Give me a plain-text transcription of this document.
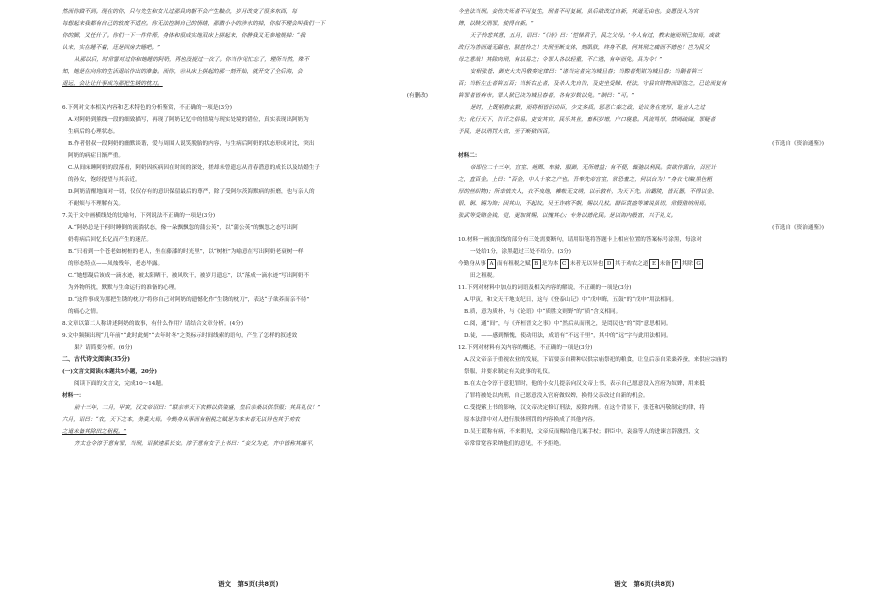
然而你做不到。现在的你，只与先生和女儿过那具肉躯不会产生触点，岁月改变了很多东西，每
每想起来我都有自己的软度不适应。你无法控制自己的情绪，那微小小的涉水的掉，你似不理会叫我们一下
你的脚，又任什了。你们一下一件件帮，身体和很成实地双床上拼起来，你静我又无参地规掉：“我
认来，实在睡不着，还是回房去睡吧。”
从那以后，时常譬对过你和她睡的阿奶，再也没提过一次了。你当作见忙忘了，理所当然，殊不
知，她是在向你的生活退站作出的准备。而你，⑩从床上拼起的那一刻开始，就开交了全后海，会
退远，会让让什事成为那把生锈的枕刀。
(有删改)
6.下列对文本相关内容和艺术特色的分析鉴赏，不正确的一项是(3分)
A.对阿奶到熊线一段的细致描写，再现了阿奶记忆中的情境与现实处境的错位，真实表现出阿奶为
生病后的心理状态。
B.作者借叔一段阿奶的幽默谈谐，爱与周围人说笑脱胎的内容，与生病后阿奶的状态形成对比，突出
阿奶的病症日渐严重。
C.从间床睡阿奶的段落看，阿奶因疾病因在时间的深处，搓却未曾遗忘从青春潜意的成长以及结婚生子
的孙女，饱经提望与其亲近。
D.阿奶清醒地面对一切，仅仅存有的意识保留最后的尊严，除了受阿尔茨海默病的折磨，也与亲人的
不耐烦与不理解有关。
7.关于文中画横线处的比喻句，下列说法不正确的一项是(3分)
A.“阿奶总是于何时睡倒的流淌状态，像一朵飘飘忽的蒲公英”，以“蒲公英”的飘忽之态写出阿
奶将病后回忆长亿而产生的迷茫。
B.“只看到一个苍老如树桩的老人，坐在藤漆的时光里”，以“树桩”为喻意在写出阿奶老衰树一样
的形态特点——凤烛残年，老态毕露。
C.“她想凝后该成一滴水迹，被太阳晒干，被风吹干，被岁月遗忘”，以“落成一滴水迹”写出阿奶不
为外物所扰，默默与生命运行的准备的心理。
D.“这件事成为那把生锈的枕刀”将你自己对阿奶的遗憾化作“生锈的枕刀”，表达“子欲养而亲不待”
的痛心之情。
8.文章以第二人称讲述阿奶的故事，有什么作用？请结合文章分析。(4分)
9.文中频频出现“几年前”“此时此刻”“去年时冬”之类标示时间线索的语句，产生了怎样的叙述效
果？请简要分析。(6分)
二、古代诗文阅读(35分)
(一)文言文阅读(本题共5小题，20分)
阅读下面的文言文，完成10～14题。
材料一：
前十三年，二月，甲寅，汉文帝诏曰：“联亲率天下农耕以供粢盛，皇后亲桑以供祭服；其具礼仪！”
六月，诏曰：“农，天下之本，务莫大焉。今勤身从事而有租税之赋是为本末者无以异也其于劝农
之道未备其除田之租税。”
齐太仓令淳于意有罪，当刑，诏狱速系长安。淳于意有女子上书曰：“妾父为吏，齐中皆称其廉平，
今坐法当刑。妾伤夫死者不可复生，刑者不可复属，虽后欲改过自新，其道无由也。妾愿没入为官
婢，以赎父刑罪，使得自新。”
天子怜悲其意，五月，诏曰：“《诗》曰：‘恺悌君子，民之父母。’今人有过，教未施而刑已加焉，或欲
改行为善而道无繇也，朕甚怜之！夫刑至断支体，刻肌肤，终身不息，何其刑之痛而不德也！岂为民父
母之意哉！其除肉刑，有以易之；令罪人各以轻重，不亡逃，有年而免。具为令！”
安相张苍、御史大夫冯敬奏定律曰：“诸当完者完为城旦舂；当黥者髡钳为城旦舂；当劓者笞三
百；当斩左止者笞五百；当斩右止者，及杀人先自告，及吏坐受赇、枉法，守县官财物而即盗之，已论而复有
笞罪者皆弃市。罪人狱已决为城旦舂者，各有岁数以免。”制曰：“可。”
是时，上既躬修玄默，而将相皆旧功臣，少文多质。惩恶亡秦之政，论议务在宽厚，耻言人之过
失；化行天下，告讦之俗易。吏安其官，民乐其业，畜积岁增，户口寝息。风流笃厚，禁罔疏阔，罪疑者
予民，是以刑罚大省，至于断狱四百。
(节选自《资治通鉴》)
材料二：
帝即位二十三年，宫室、苑囿、车骑、服御，无所增益；有不便，辄弛以利民。尝欲作露台，召匠计
之，直百金。上曰：“百金，中人十家之产也。吾奉先帝宫室，常恐羞之，何以台为！”身衣弋绨(黑色粗
厚的丝织物)；所幸慎夫人，衣不曳地，帷帐无文绣，以示敦朴，为天下先。治霸陵，皆瓦器，不得以金、
银、铜、锡为饰；因其山，不起坟。吴王诈病不朝，赐以几杖。群臣袁盎等谏说虽切，常假借纳用焉。
张武等受赂金钱，觉，更加赏赐，以愧其心；专务以德化民。是以海内殷富，兴于礼义。
(节选自《资治通鉴》)
10.材料一画波浪线的部分有三处需要断句，请用铅笔将答题卡上相应位置的答案标号涂黑，每涂对
一处给1分，涂黑超过三处不给分。(3分)
今勤身从事 A 而有租税之赋 B 是为本 C 末者无以异也 D 其于劝农之道 E 未备 F 其除 G
田之租税。
11.下列对材料中加点的词语及相关内容的解说，不正确的一项是(3分)
A.甲寅，和文天干地支纪日，这与《登泰山记》中“戊申晦，五鼓”的“戊申”用法相同。
B.质，意为质朴，与《论语》中“质胜文则野”的“质”含义相同。
C.阅，通“间”，与《齐桓晋文之事》中“然后从而刑之，是罔民也”的“罔”意思相同。
D.徒，——感到惭愧，使动用法，成语有“不远千里”，其中的“远”字与此用法相同。
12.下列对材料有关内容的概述，不正确的一项是(3分)
A.汉文帝亲于重视农业的发展，下诏要亲自耕种以供宗庙祭祀的粮食，让皇后亲自采桑养蚕，来供应宗庙的
祭服，并要求制定有关此事的礼仪。
B.在太仓令淳于意犯罪时，他的小女儿提亲向汉文帝上书，表示自己愿意没入宫府为奴婢，用来抵
了罪将被处以肉刑，自己愿意没入官府做奴婢，换得父亲改过自新的机会。
C.受提萦上书的影响，汉文帝决定修订刑法，废除肉刑。在这个背景下，张苍和冯敬制定的律，将
原本法律中对人进行肢体刑罚的内容换成了其他内容。
D.吴王谎称有病，不来朝见，文帝反而赐给他几案手杖；群臣中，袁盎等人的进谏言辞激烈，文
帝常常宽容采纳他们的意见，不予拒绝。
语文　第5页(共8页)	语文　第6页(共8页)
